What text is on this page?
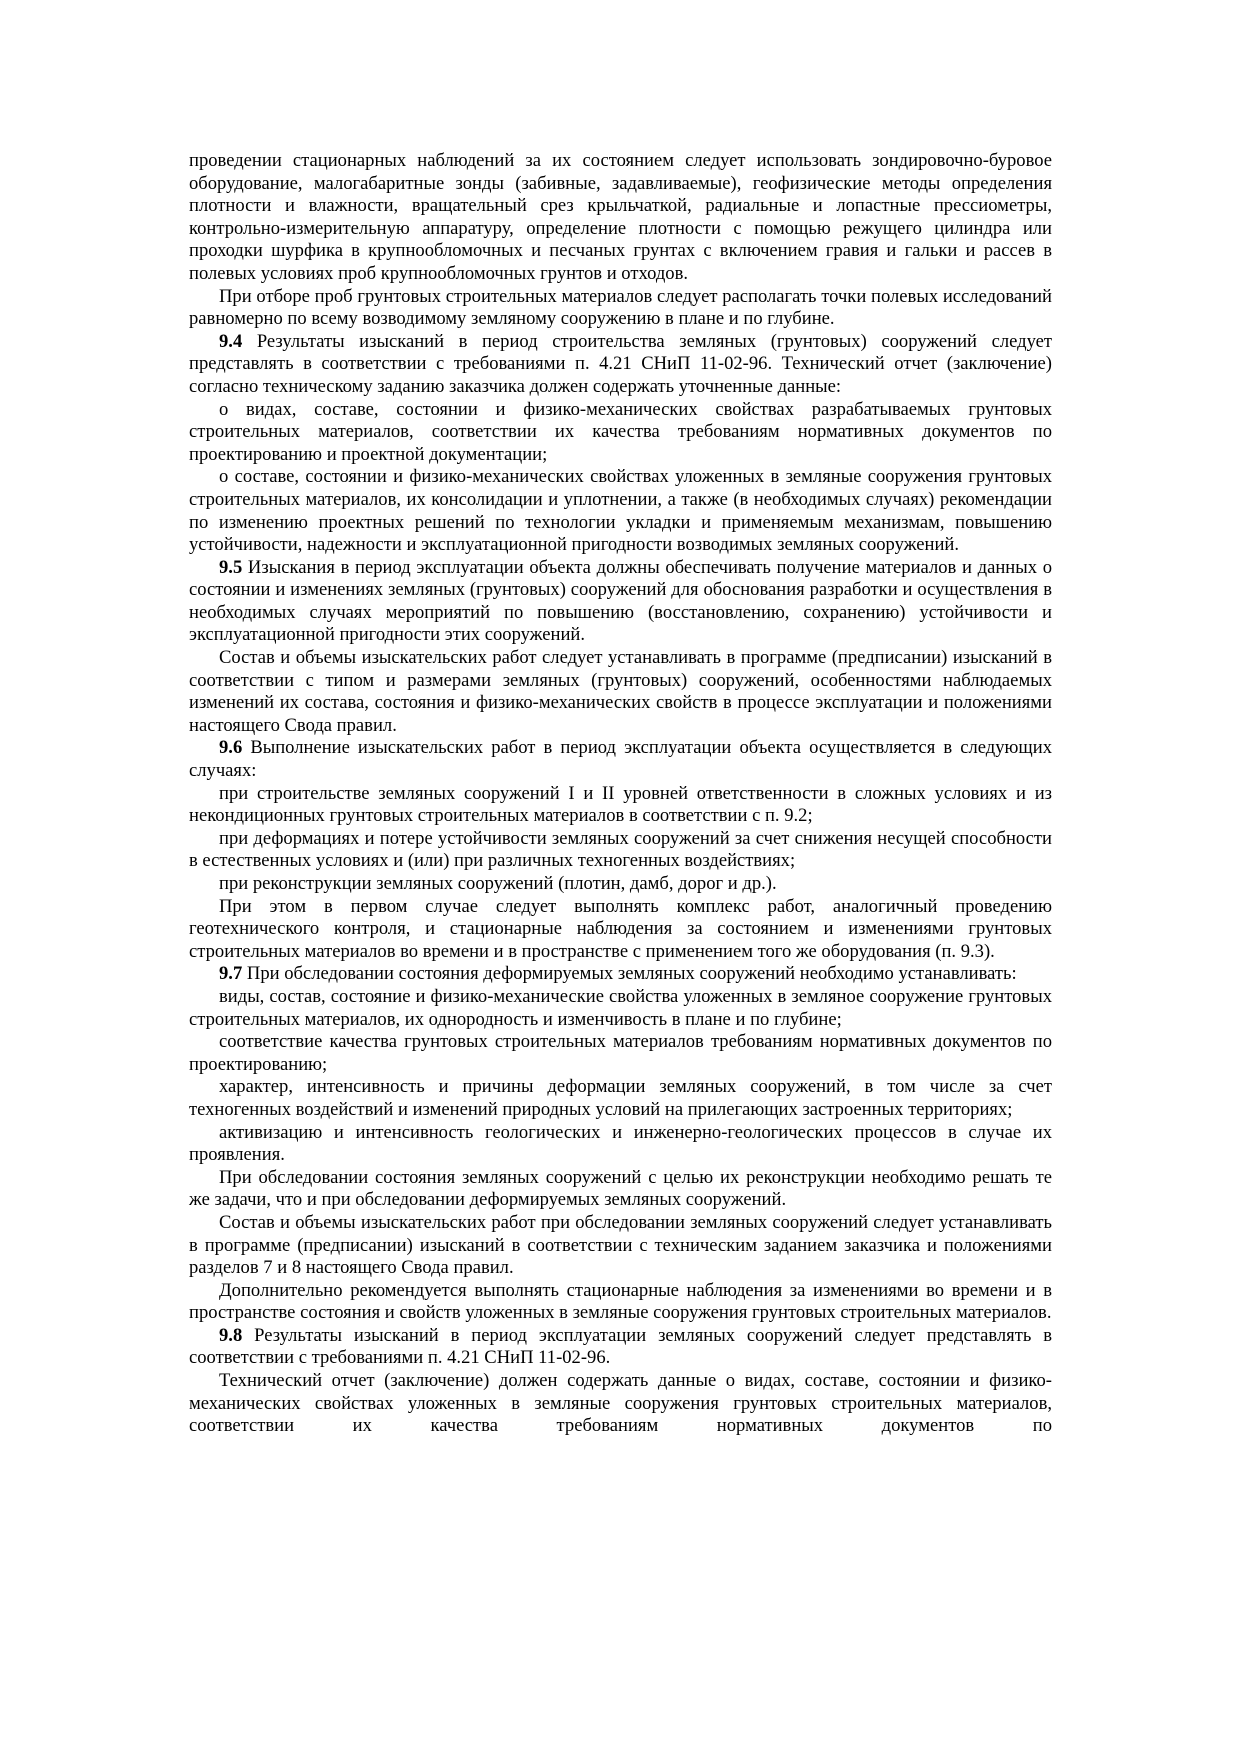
проведении стационарных наблюдений за их состоянием следует использовать зондировочно-буровое оборудование, малогабаритные зонды (забивные, задавливаемые), геофизические методы определения плотности и влажности, вращательный срез крыльчаткой, радиальные и лопастные прессиометры, контрольно-измерительную аппаратуру, определение плотности с помощью режущего цилиндра или проходки шурфика в крупнообломочных и песчаных грунтах с включением гравия и гальки и рассев в полевых условиях проб крупнообломочных грунтов и отходов.

При отборе проб грунтовых строительных материалов следует располагать точки полевых исследований равномерно по всему возводимому земляному сооружению в плане и по глубине.

9.4 Результаты изысканий в период строительства земляных (грунтовых) сооружений следует представлять в соответствии с требованиями п. 4.21 СНиП 11-02-96. Технический отчет (заключение) согласно техническому заданию заказчика должен содержать уточненные данные:

о видах, составе, состоянии и физико-механических свойствах разрабатываемых грунтовых строительных материалов, соответствии их качества требованиям нормативных документов по проектированию и проектной документации;

о составе, состоянии и физико-механических свойствах уложенных в земляные сооружения грунтовых строительных материалов, их консолидации и уплотнении, а также (в необходимых случаях) рекомендации по изменению проектных решений по технологии укладки и применяемым механизмам, повышению устойчивости, надежности и эксплуатационной пригодности возводимых земляных сооружений.

9.5 Изыскания в период эксплуатации объекта должны обеспечивать получение материалов и данных о состоянии и изменениях земляных (грунтовых) сооружений для обоснования разработки и осуществления в необходимых случаях мероприятий по повышению (восстановлению, сохранению) устойчивости и эксплуатационной пригодности этих сооружений.

Состав и объемы изыскательских работ следует устанавливать в программе (предписании) изысканий в соответствии с типом и размерами земляных (грунтовых) сооружений, особенностями наблюдаемых изменений их состава, состояния и физико-механических свойств в процессе эксплуатации и положениями настоящего Свода правил.

9.6 Выполнение изыскательских работ в период эксплуатации объекта осуществляется в следующих случаях:

при строительстве земляных сооружений I и II уровней ответственности в сложных условиях и из некондиционных грунтовых строительных материалов в соответствии с п. 9.2;

при деформациях и потере устойчивости земляных сооружений за счет снижения несущей способности в естественных условиях и (или) при различных техногенных воздействиях;

при реконструкции земляных сооружений (плотин, дамб, дорог и др.).

При этом в первом случае следует выполнять комплекс работ, аналогичный проведению геотехнического контроля, и стационарные наблюдения за состоянием и изменениями грунтовых строительных материалов во времени и в пространстве с применением того же оборудования (п. 9.3).

9.7 При обследовании состояния деформируемых земляных сооружений необходимо устанавливать:

виды, состав, состояние и физико-механические свойства уложенных в земляное сооружение грунтовых строительных материалов, их однородность и изменчивость в плане и по глубине;

соответствие качества грунтовых строительных материалов требованиям нормативных документов по проектированию;

характер, интенсивность и причины деформации земляных сооружений, в том числе за счет техногенных воздействий и изменений природных условий на прилегающих застроенных территориях;

активизацию и интенсивность геологических и инженерно-геологических процессов в случае их проявления.

При обследовании состояния земляных сооружений с целью их реконструкции необходимо решать те же задачи, что и при обследовании деформируемых земляных сооружений.

Состав и объемы изыскательских работ при обследовании земляных сооружений следует устанавливать в программе (предписании) изысканий в соответствии с техническим заданием заказчика и положениями разделов 7 и 8 настоящего Свода правил.

Дополнительно рекомендуется выполнять стационарные наблюдения за изменениями во времени и в пространстве состояния и свойств уложенных в земляные сооружения грунтовых строительных материалов.

9.8 Результаты изысканий в период эксплуатации земляных сооружений следует представлять в соответствии с требованиями п. 4.21 СНиП 11-02-96.

Технический отчет (заключение) должен содержать данные о видах, составе, состоянии и физико-механических свойствах уложенных в земляные сооружения грунтовых строительных материалов, соответствии их качества требованиям нормативных документов по
